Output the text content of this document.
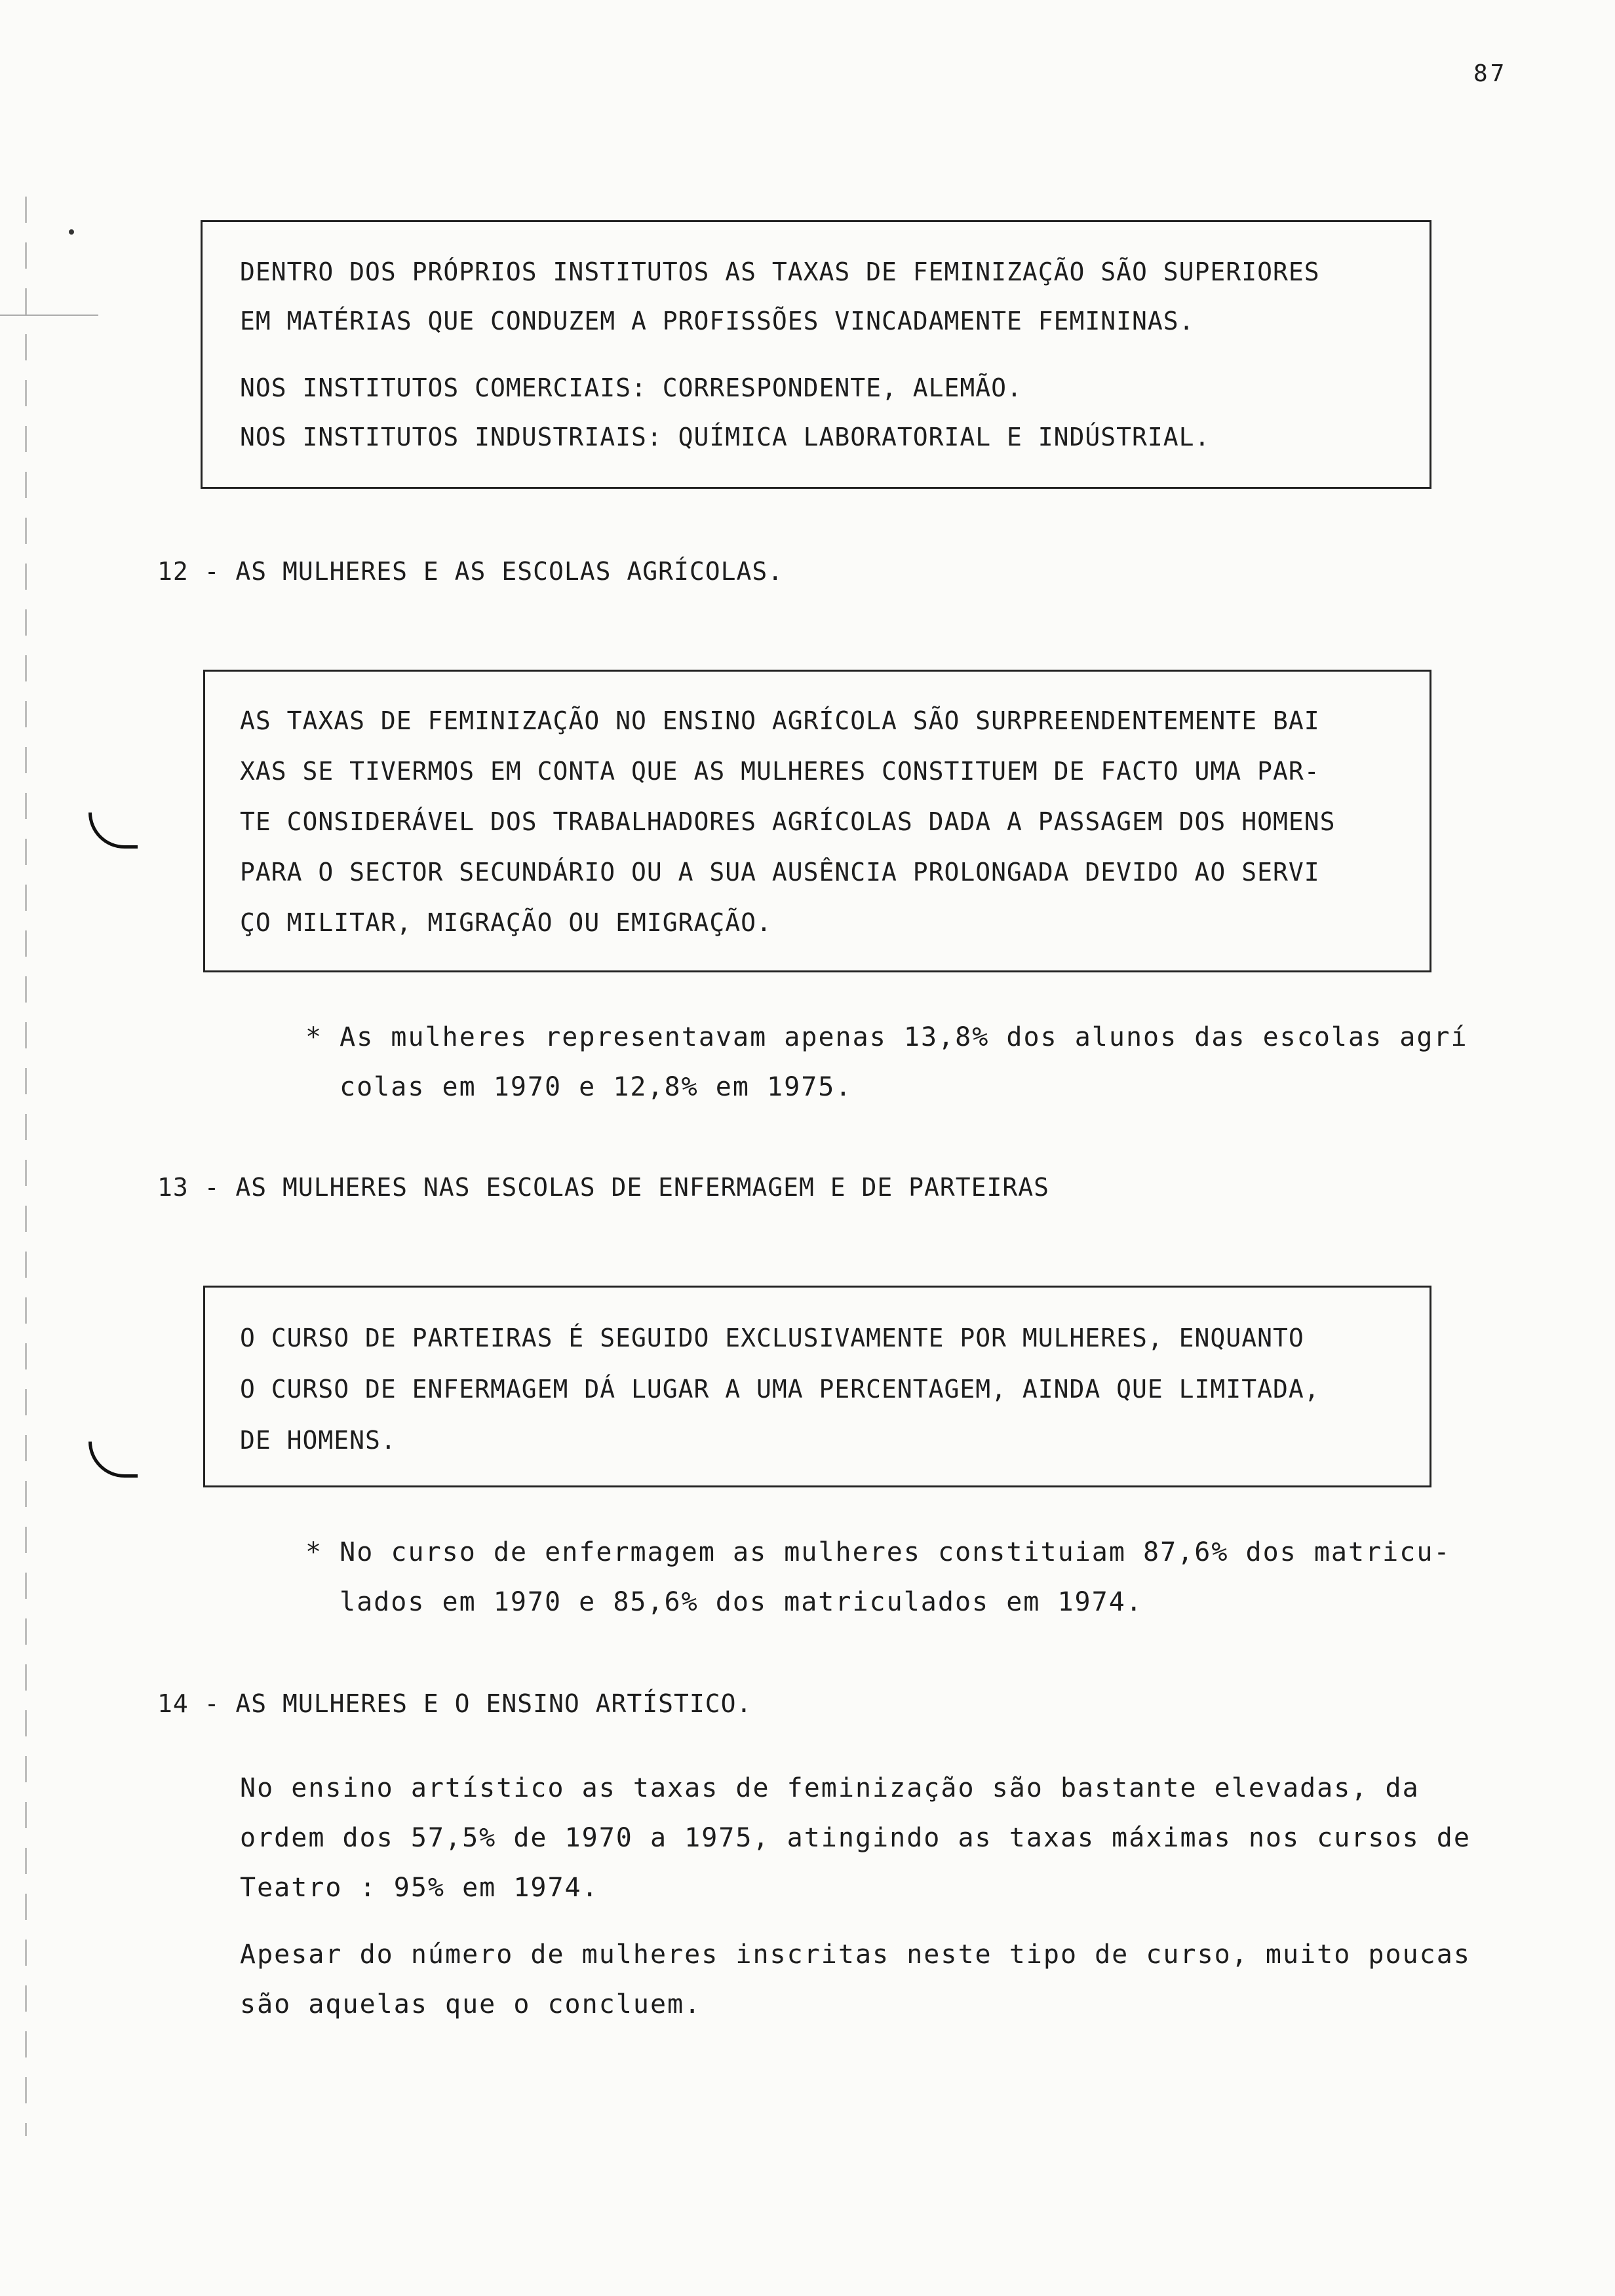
87
DENTRO DOS PRÓPRIOS INSTITUTOS AS TAXAS DE FEMINIZAÇÃO SÃO SUPERIORES
EM MATÉRIAS QUE CONDUZEM A PROFISSÕES VINCADAMENTE FEMININAS.
NOS INSTITUTOS COMERCIAIS: CORRESPONDENTE, ALEMÃO.
NOS INSTITUTOS INDUSTRIAIS: QUÍMICA LABORATORIAL E INDÚSTRIAL.
12 - AS MULHERES E AS ESCOLAS AGRÍCOLAS.
AS TAXAS DE FEMINIZAÇÃO NO ENSINO AGRÍCOLA SÃO SURPREENDENTEMENTE BAI
XAS SE TIVERMOS EM CONTA QUE AS MULHERES CONSTITUEM DE FACTO UMA PAR-
TE CONSIDERÁVEL DOS TRABALHADORES AGRÍCOLAS DADA A PASSAGEM DOS HOMENS
PARA O SECTOR SECUNDÁRIO OU A SUA AUSÊNCIA PROLONGADA DEVIDO AO SERVI
ÇO MILITAR, MIGRAÇÃO OU EMIGRAÇÃO.
* As mulheres representavam apenas 13,8% dos alunos das escolas agrí
colas em 1970 e 12,8% em 1975.
13 - AS MULHERES NAS ESCOLAS DE ENFERMAGEM E DE PARTEIRAS
O CURSO DE PARTEIRAS É SEGUIDO EXCLUSIVAMENTE POR MULHERES, ENQUANTO
O CURSO DE ENFERMAGEM DÁ LUGAR A UMA PERCENTAGEM, AINDA QUE LIMITADA,
DE HOMENS.
* No curso de enfermagem as mulheres constituiam 87,6% dos matricu-
lados em 1970 e 85,6% dos matriculados em 1974.
14 - AS MULHERES E O ENSINO ARTÍSTICO.
No ensino artístico as taxas de feminização são bastante elevadas, da
ordem dos 57,5% de 1970 a 1975, atingindo as taxas máximas nos cursos de
Teatro : 95% em 1974.
Apesar do número de mulheres inscritas neste tipo de curso, muito poucas
são aquelas que o concluem.
